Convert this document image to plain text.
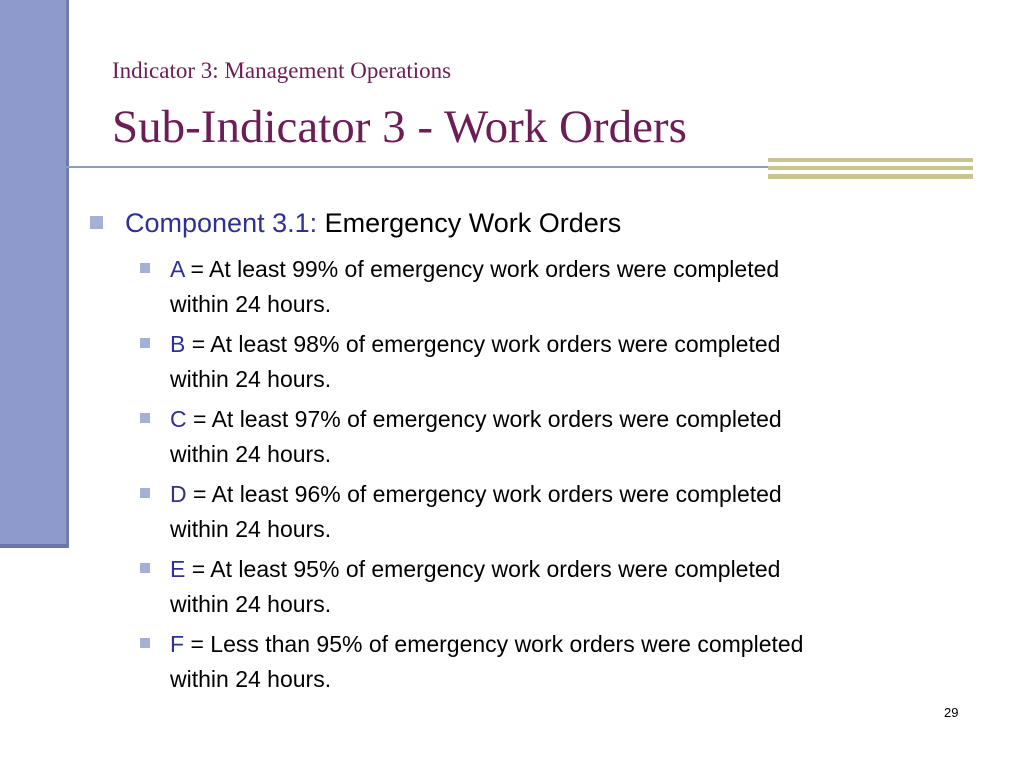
Indicator 3: Management Operations
Sub-Indicator 3 - Work Orders
Component 3.1: Emergency Work Orders
A = At least 99% of emergency work orders were completed within 24 hours.
B = At least 98% of emergency work orders were completed within 24 hours.
C = At least 97% of emergency work orders were completed within 24 hours.
D = At least 96% of emergency work orders were completed within 24 hours.
E = At least 95% of emergency work orders were completed within 24 hours.
F = Less than 95% of emergency work orders were completed within 24 hours.
29
